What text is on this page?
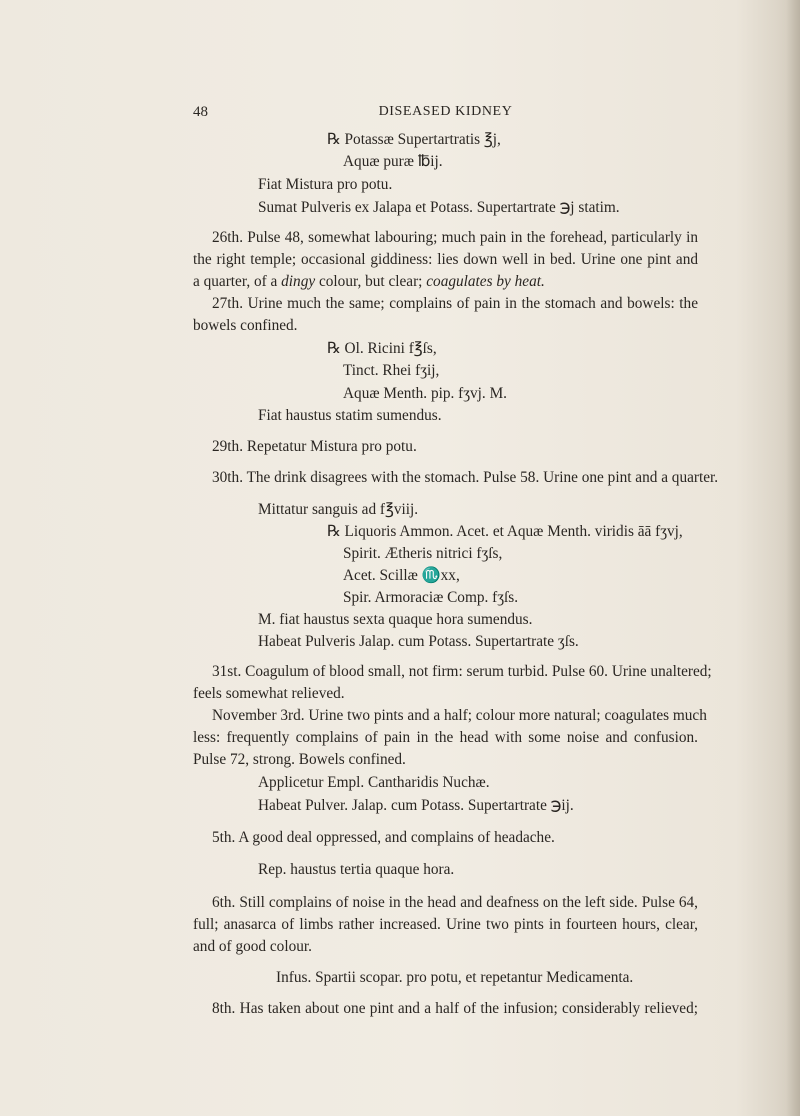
48	DISEASED KIDNEY
℞ Potassæ Supertartratis ℥j,
Aquæ puræ ℔ij.
Fiat Mistura pro potu.
Sumat Pulveris ex Jalapa et Potass. Supertartrate ℈j statim.
26th. Pulse 48, somewhat labouring; much pain in the forehead, particularly in
the right temple; occasional giddiness: lies down well in bed. Urine one pint and
a quarter, of a dingy colour, but clear; coagulates by heat.
27th. Urine much the same; complains of pain in the stomach and bowels: the
bowels confined.
℞ Ol. Ricini f℥ſs,
Tinct. Rhei fʒij,
Aquæ Menth. pip. fʒvj. M.
Fiat haustus statim sumendus.
29th. Repetatur Mistura pro potu.
30th. The drink disagrees with the stomach. Pulse 58. Urine one pint and a quarter.
Mittatur sanguis ad f℥viij.
℞ Liquoris Ammon. Acet. et Aquæ Menth. viridis āā fʒvj,
Spirit. Ætheris nitrici fʒſs,
Acet. Scillæ ♏xx,
Spir. Armoraciæ Comp. fʒſs.
M. fiat haustus sexta quaque hora sumendus.
Habeat Pulveris Jalap. cum Potass. Supertartrate ʒſs.
31st. Coagulum of blood small, not firm: serum turbid. Pulse 60. Urine unaltered;
feels somewhat relieved.
November 3rd. Urine two pints and a half; colour more natural; coagulates much
less: frequently complains of pain in the head with some noise and confusion.
Pulse 72, strong. Bowels confined.
Applicetur Empl. Cantharidis Nuchæ.
Habeat Pulver. Jalap. cum Potass. Supertartrate ℈ij.
5th. A good deal oppressed, and complains of headache.
Rep. haustus tertia quaque hora.
6th. Still complains of noise in the head and deafness on the left side. Pulse 64,
full; anasarca of limbs rather increased. Urine two pints in fourteen hours, clear,
and of good colour.
Infus. Spartii scopar. pro potu, et repetantur Medicamenta.
8th. Has taken about one pint and a half of the infusion; considerably relieved;
